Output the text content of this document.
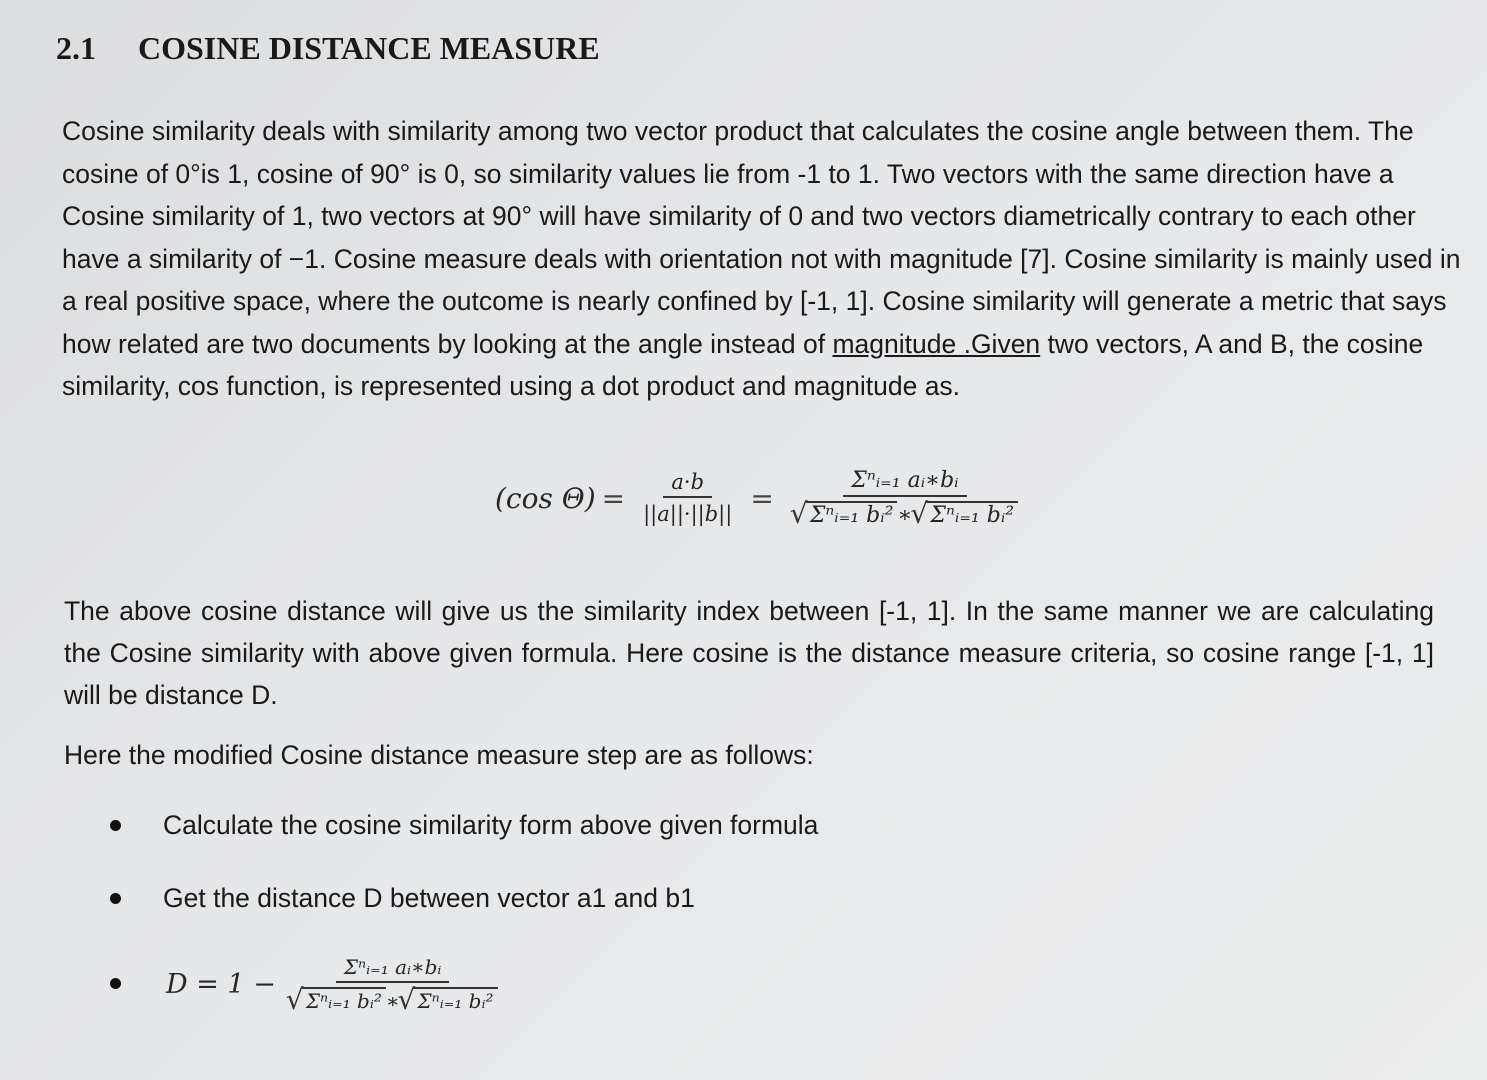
2.1 COSINE DISTANCE MEASURE
Cosine similarity deals with similarity among two vector product that calculates the cosine angle between them. The cosine of 0°is 1, cosine of 90° is 0, so similarity values lie from -1 to 1. Two vectors with the same direction have a Cosine similarity of 1, two vectors at 90° will have similarity of 0 and two vectors diametrically contrary to each other have a similarity of −1. Cosine measure deals with orientation not with magnitude [7]. Cosine similarity is mainly used in a real positive space, where the outcome is nearly confined by [-1, 1]. Cosine similarity will generate a metric that says how related are two documents by looking at the angle instead of magnitude .Given two vectors, A and B, the cosine similarity, cos function, is represented using a dot product and magnitude as.
(cos $\Theta) = \frac{a\cdot b}{||a||\cdot||b||}$ = Σⁿᵢ₌₁ aᵢ∗bᵢ
√ Σⁿᵢ₌₁ bᵢ² ∗ √ Σⁿᵢ₌₁ bᵢ²
The above cosine distance will give us the similarity index between [-1, 1]. In the same manner we are calculating the Cosine similarity with above given formula. Here cosine is the distance measure criteria, so cosine range [-1, 1] will be distance D.
Here the modified Cosine distance measure step are as follows:
Calculate the cosine similarity form above given formula
Get the distance D between vector a1 and b1
D = 1 − Σⁿᵢ₌₁ aᵢ∗bᵢ
√ Σⁿᵢ₌₁ bᵢ² ∗ √ Σⁿᵢ₌₁ bᵢ²
